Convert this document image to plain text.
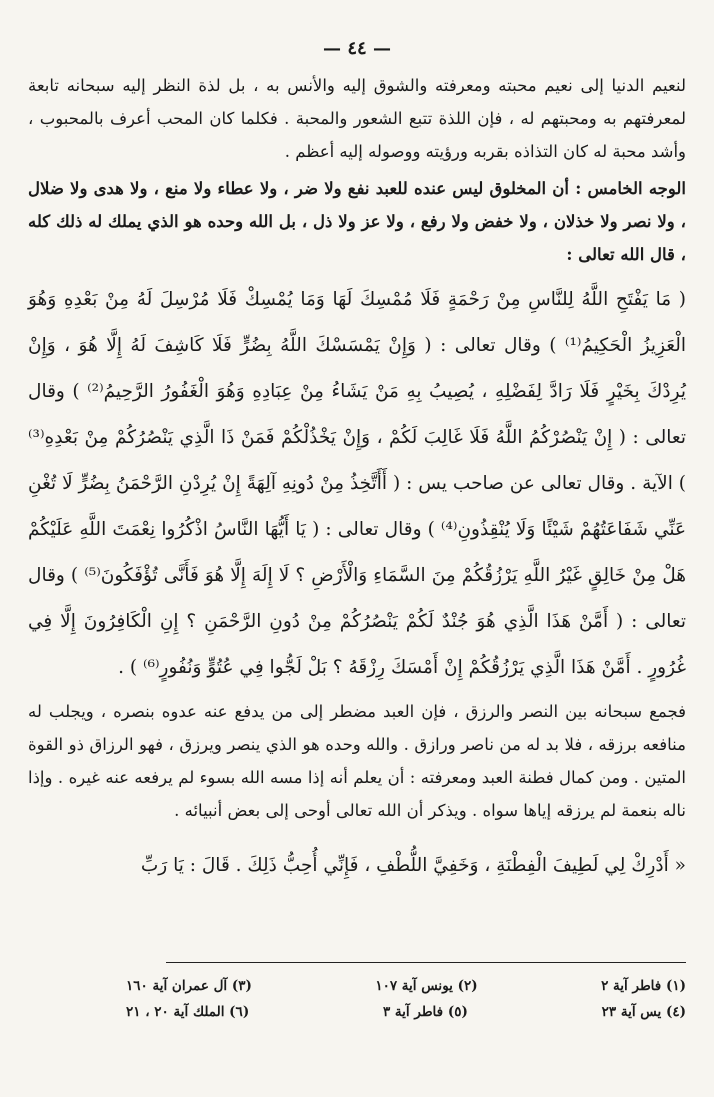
— ٤٤ —

لنعيم الدنيا إلى نعيم محبته ومعرفته والشوق إليه والأنس به ، بل لذة النظر إليه سبحانه تابعة لمعرفتهم به ومحبتهم له ، فإن اللذة تتبع الشعور والمحبة . فكلما كان المحب أعرف بالمحبوب ، وأشد محبة له كان التذاذه بقربه ورؤيته ووصوله إليه أعظم .

الوجه الخامس : أن المخلوق ليس عنده للعبد نفع ولا ضر ، ولا عطاء ولا منع ، ولا هدى ولا ضلال ، ولا نصر ولا خذلان ، ولا خفض ولا رفع ، ولا عز ولا ذل ، بل الله وحده هو الذي يملك له ذلك كله ، قال الله تعالى :

( مَا يَفْتَحِ اللَّهُ لِلنَّاسِ مِنْ رَحْمَةٍ فَلَا مُمْسِكَ لَهَا وَمَا يُمْسِكْ فَلَا مُرْسِلَ لَهُ مِنْ بَعْدِهِ وَهُوَ الْعَزِيزُ الْحَكِيمُ⁽¹⁾ ) وقال تعالى : ( وَإِنْ يَمْسَسْكَ اللَّهُ بِضُرٍّ فَلَا كَاشِفَ لَهُ إِلَّا هُوَ ، وَإِنْ يُرِدْكَ بِخَيْرٍ فَلَا رَادَّ لِفَضْلِهِ ، يُصِيبُ بِهِ مَنْ يَشَاءُ مِنْ عِبَادِهِ وَهُوَ الْغَفُورُ الرَّحِيمُ⁽²⁾ ) وقال تعالى : ( إِنْ يَنْصُرْكُمُ اللَّهُ فَلَا غَالِبَ لَكُمْ ، وَإِنْ يَخْذُلْكُمْ فَمَنْ ذَا الَّذِي يَنْصُرُكُمْ مِنْ بَعْدِهِ⁽³⁾ ) الآية . وقال تعالى عن صاحب يس : ( أَأَتَّخِذُ مِنْ دُونِهِ آلِهَةً إِنْ يُرِدْنِ الرَّحْمَنُ بِضُرٍّ لَا تُغْنِ عَنِّي شَفَاعَتُهُمْ شَيْئًا وَلَا يُنْقِذُونِ⁽⁴⁾ ) وقال تعالى : ( يَا أَيُّهَا النَّاسُ اذْكُرُوا نِعْمَتَ اللَّهِ عَلَيْكُمْ هَلْ مِنْ خَالِقٍ غَيْرُ اللَّهِ يَرْزُقُكُمْ مِنَ السَّمَاءِ وَالْأَرْضِ ؟ لَا إِلَهَ إِلَّا هُوَ فَأَنَّى تُؤْفَكُونَ⁽⁵⁾ ) وقال تعالى : ( أَمَّنْ هَذَا الَّذِي هُوَ جُنْدٌ لَكُمْ يَنْصُرُكُمْ مِنْ دُونِ الرَّحْمَنِ ؟ إِنِ الْكَافِرُونَ إِلَّا فِي غُرُورٍ . أَمَّنْ هَذَا الَّذِي يَرْزُقُكُمْ إِنْ أَمْسَكَ رِزْقَهُ ؟ بَلْ لَجُّوا فِي عُتُوٍّ وَنُفُورٍ⁽⁶⁾ ) .

فجمع سبحانه بين النصر والرزق ، فإن العبد مضطر إلى من يدفع عنه عدوه بنصره ، ويجلب له منافعه برزقه ، فلا بد له من ناصر ورازق . والله وحده هو الذي ينصر ويرزق ، فهو الرزاق ذو القوة المتين . ومن كمال فطنة العبد ومعرفته : أن يعلم أنه إذا مسه الله بسوء لم يرفعه عنه غيره . وإذا ناله بنعمة لم يرزقه إياها سواه . ويذكر أن الله تعالى أوحى إلى بعض أنبيائه .

« أَدْرِكْ لِي لَطِيفَ الْفِطْنَةِ ، وَخَفِيَّ اللُّطْفِ ، فَإِنِّي أُحِبُّ ذَلِكَ . قَالَ : يَا رَبِّ

(١) فاطر آية ٢
(٢) يونس آية ١٠٧
(٣) آل عمران آية ١٦٠
(٤) يس آية ٢٣
(٥) فاطر آية ٣
(٦) الملك آية ٢٠ ، ٢١
